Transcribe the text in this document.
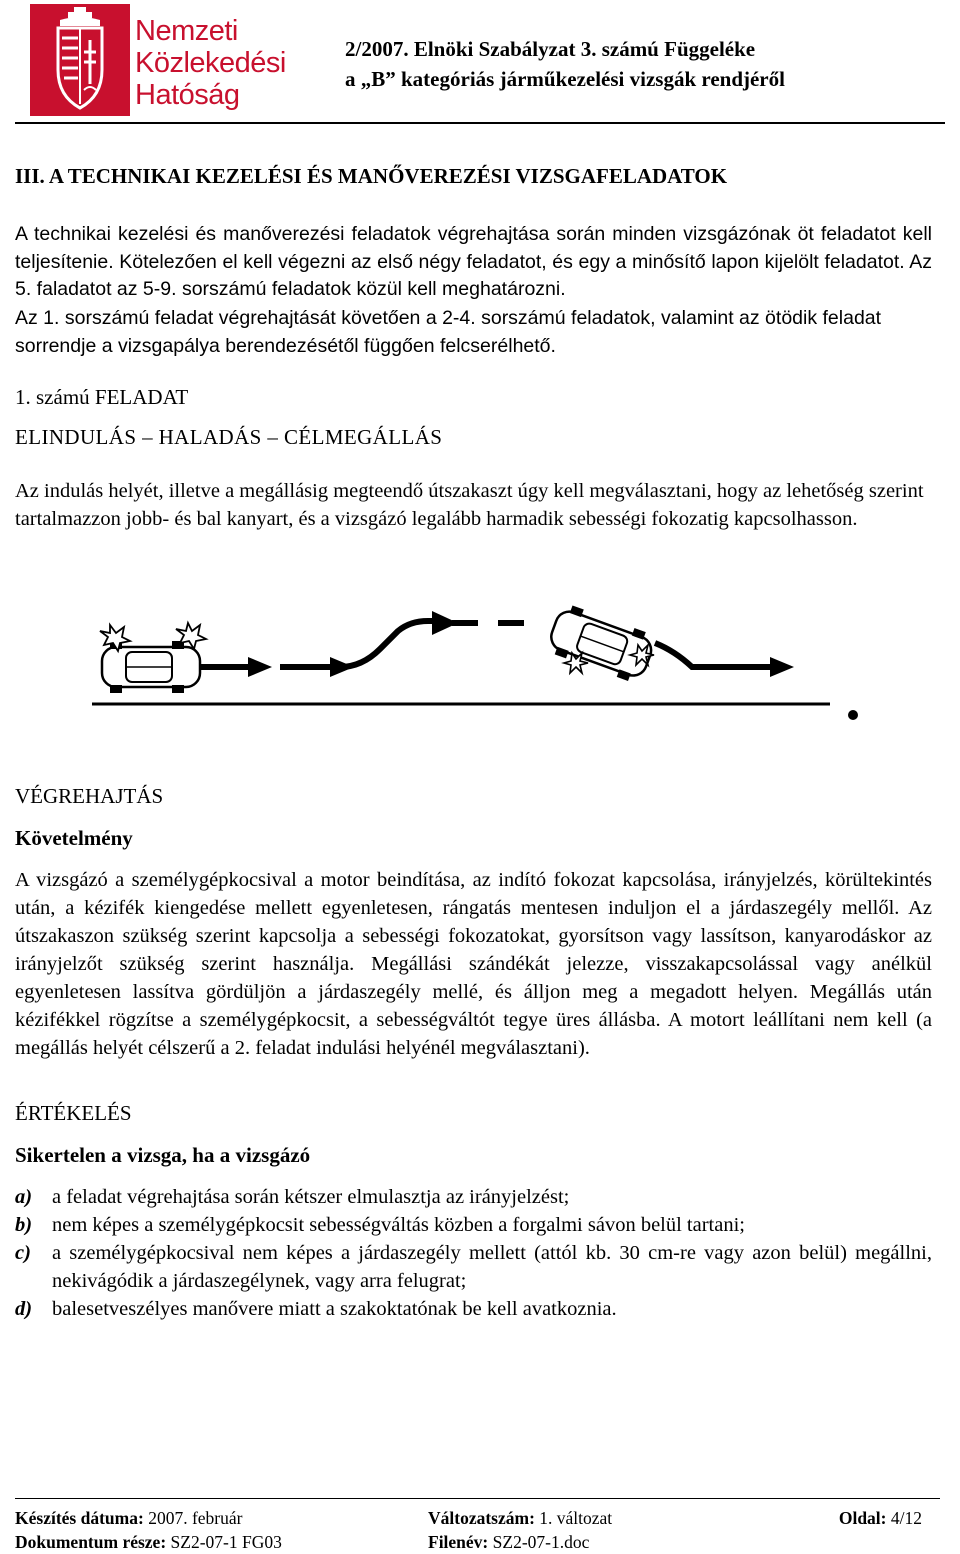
Nemzeti
Közlekedési
Hatóság
2/2007. Elnöki Szabályzat 3. számú Függeléke
a „B” kategóriás járműkezelési vizsgák rendjéről
III. A TECHNIKAI KEZELÉSI ÉS MANŐVEREZÉSI VIZSGAFELADATOK
A technikai kezelési és manőverezési feladatok végrehajtása során minden vizsgázónak öt feladatot kell teljesítenie. Kötelezően el kell végezni az első négy feladatot, és egy a minősítő lapon kijelölt feladatot. Az 5. faladatot az 5-9. sorszámú feladatok közül kell meghatározni.
Az 1. sorszámú feladat végrehajtását követően a 2-4. sorszámú feladatok, valamint az ötödik feladat sorrendje a vizsgapálya berendezésétől függően felcserélhető.
1. számú FELADAT
ELINDULÁS – HALADÁS – CÉLMEGÁLLÁS
Az indulás helyét, illetve a megállásig megteendő útszakaszt úgy kell megválasztani, hogy az lehetőség szerint tartalmazzon jobb- és bal kanyart, és a vizsgázó legalább harmadik sebességi fokozatig kapcsolhasson.
VÉGREHAJTÁS
Követelmény
A vizsgázó a személygépkocsival a motor beindítása, az indító fokozat kapcsolása, irányjelzés, körültekintés után, a kézifék kiengedése mellett egyenletesen, rángatás mentesen induljon el a járdaszegély mellől. Az útszakaszon szükség szerint kapcsolja a sebességi fokozatokat, gyorsítson vagy lassítson, kanyarodáskor az irányjelzőt szükség szerint használja. Megállási szándékát jelezze, visszakapcsolással vagy anélkül egyenletesen lassítva gördüljön a járdaszegély mellé, és álljon meg a megadott helyen. Megállás után kézifékkel rögzítse a személygépkocsit, a sebességváltót tegye üres állásba. A motort leállítani nem kell (a megállás helyét célszerű a 2. feladat indulási helyénél megválasztani).
ÉRTÉKELÉS
Sikertelen a vizsga, ha a vizsgázó
a) a feladat végrehajtása során kétszer elmulasztja az irányjelzést;
b) nem képes a személygépkocsit sebességváltás közben a forgalmi sávon belül tartani;
c) a személygépkocsival nem képes a járdaszegély mellett (attól kb. 30 cm-re vagy azon belül) megállni, nekivágódik a járdaszegélynek, vagy arra felugrat;
d) balesetveszélyes manővere miatt a szakoktatónak be kell avatkoznia.
Készítés dátuma: 2007. február	Változatszám: 1. változat	Oldal: 4/12
Dokumentum része: SZ2-07-1 FG03	Filenév: SZ2-07-1.doc
